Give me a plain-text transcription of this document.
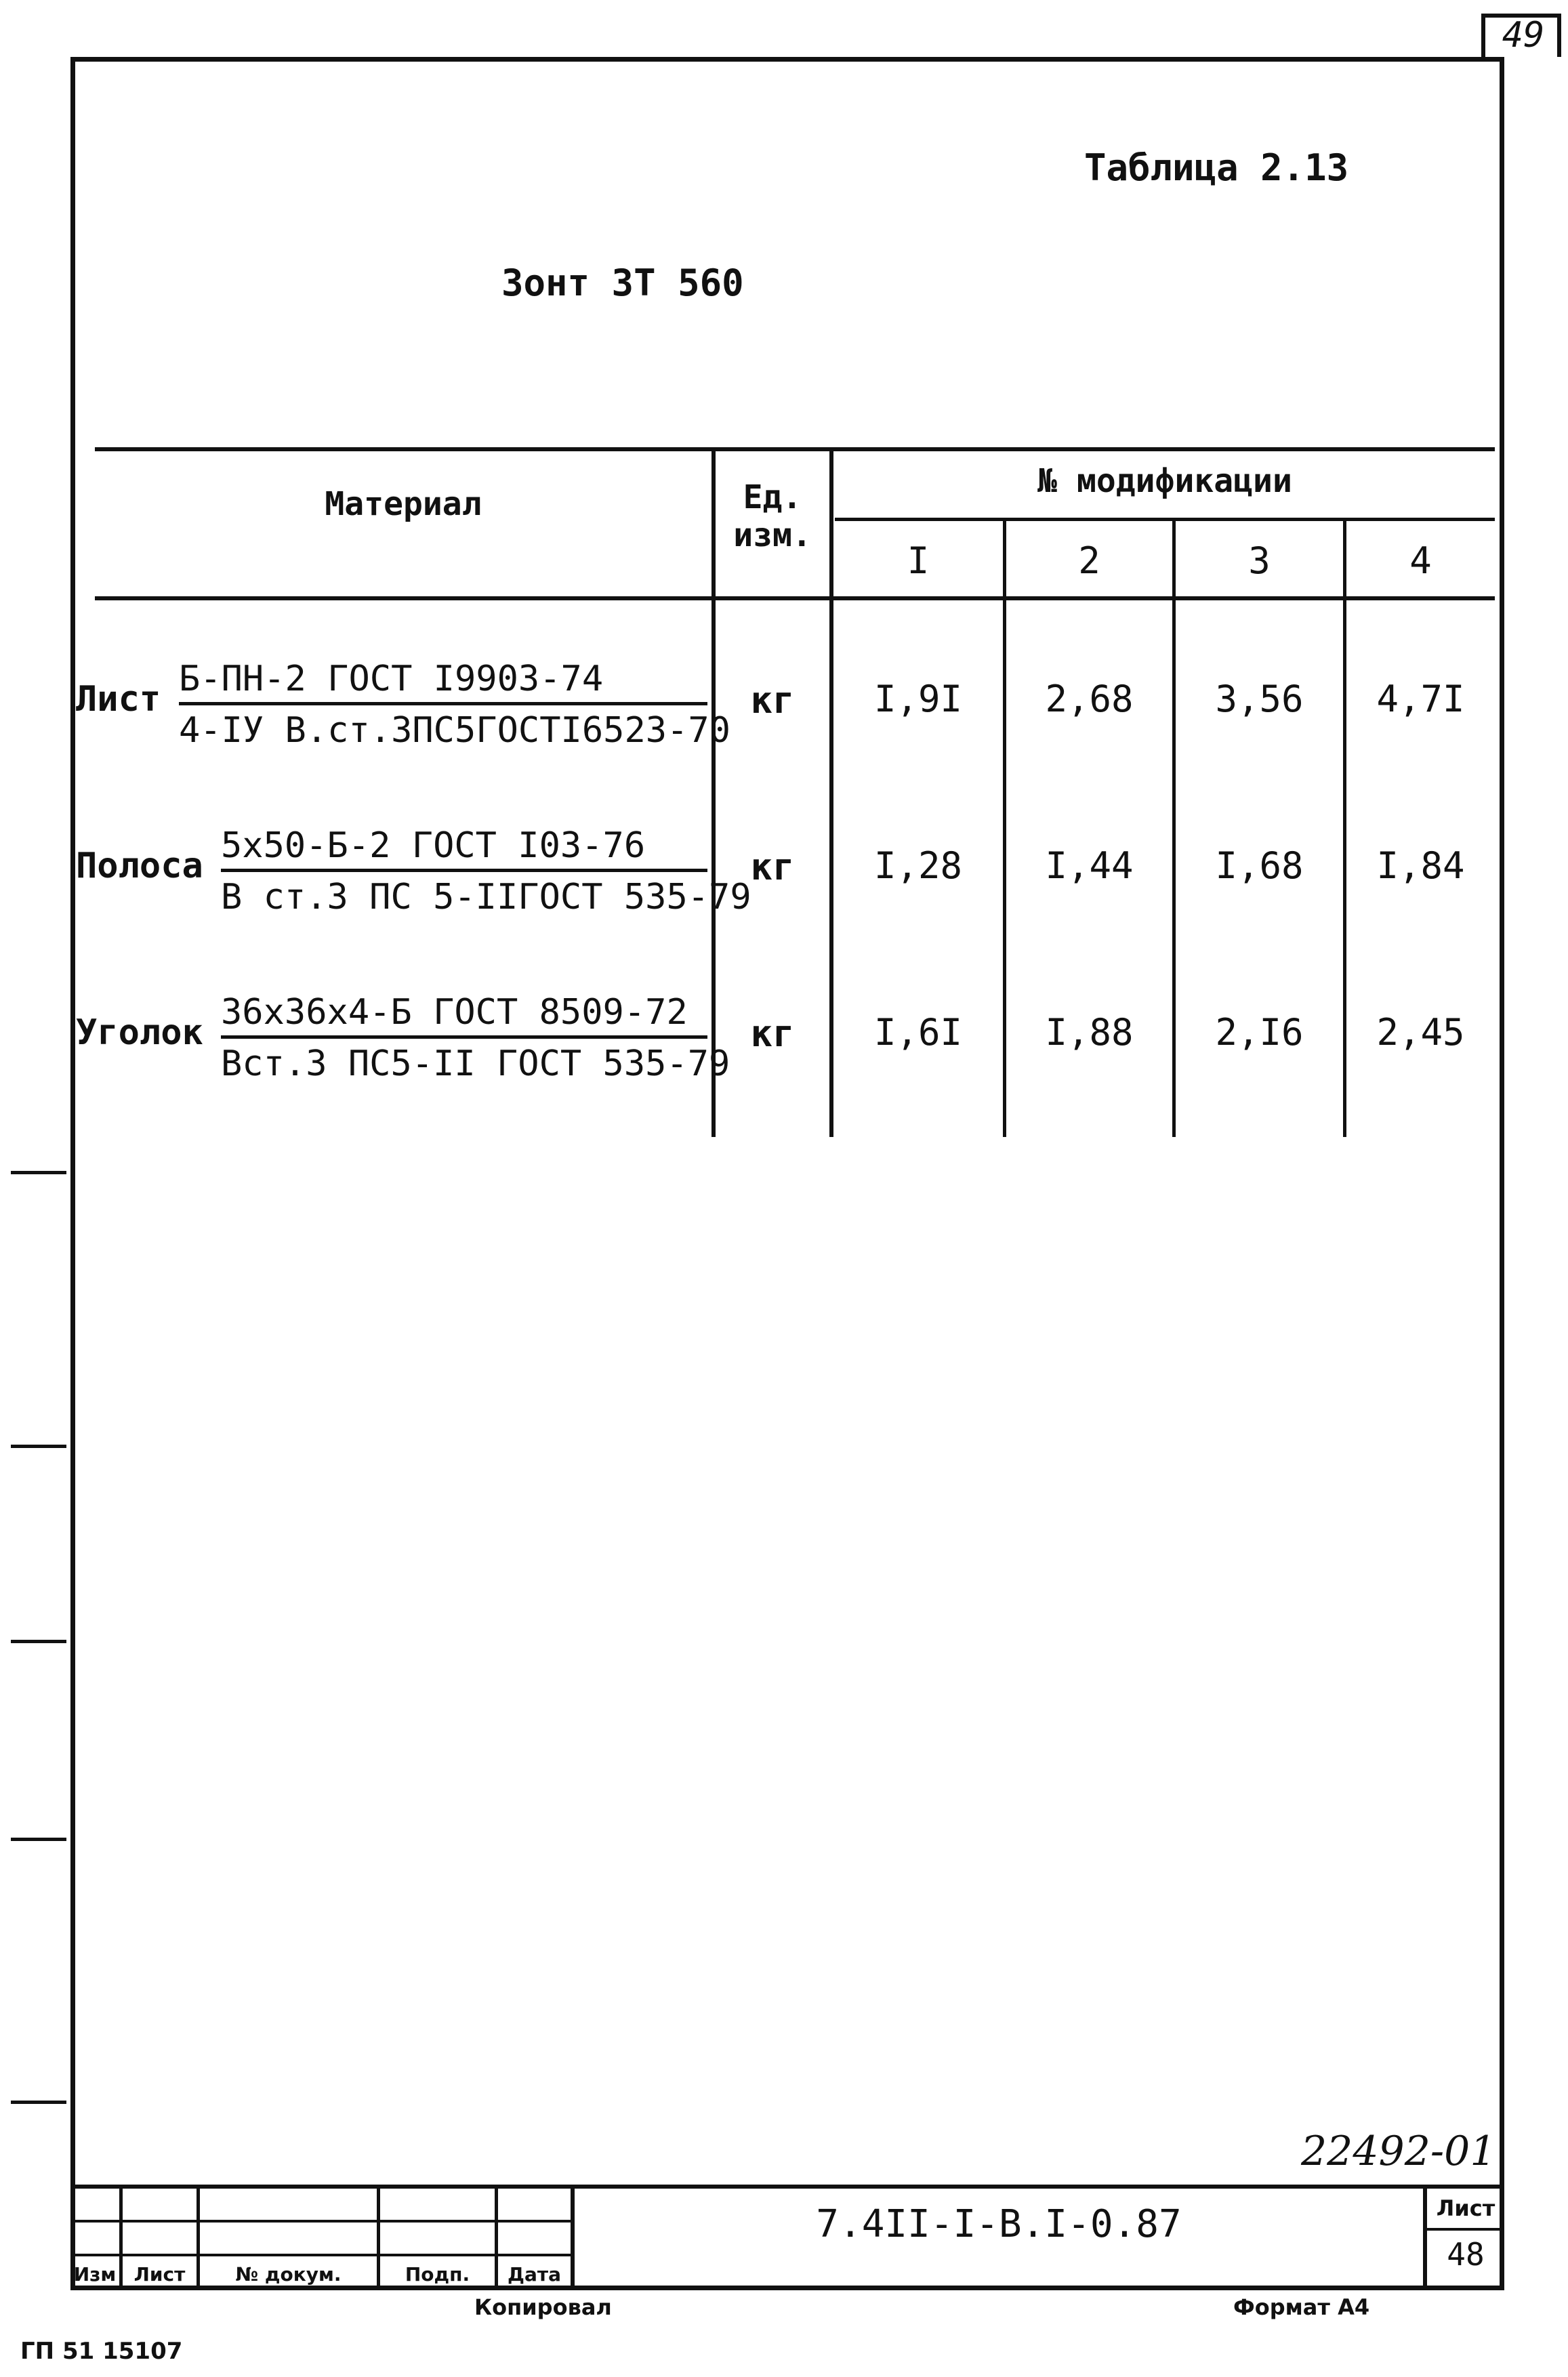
49
Таблица 2.13
Зонт ЗТ 560
Материал	Ед. изм.
№ модификации
I	2	3	4
Лист Б-ПН-2 ГОСТ I9903-74
4-IУ В.ст.ЗПС5ГОСТI6523-70
кг	I,9I	2,68	3,56	4,7I
Полоса 5х50-Б-2 ГОСТ I03-76
В ст.3 ПС 5-IIГОСТ 535-79
кг	I,28	I,44	I,68	I,84
Уголок 36х36х4-Б ГОСТ 8509-72
Вст.3 ПС5-II ГОСТ 535-79
кг	I,6I	I,88	2,I6	2,45
22492-01
Изм Лист	№ докум.	Подп.	Дата
7.4II-I-В.I-0.87	Лист
48
Копировал	Формат А4
ГП 51 15107
